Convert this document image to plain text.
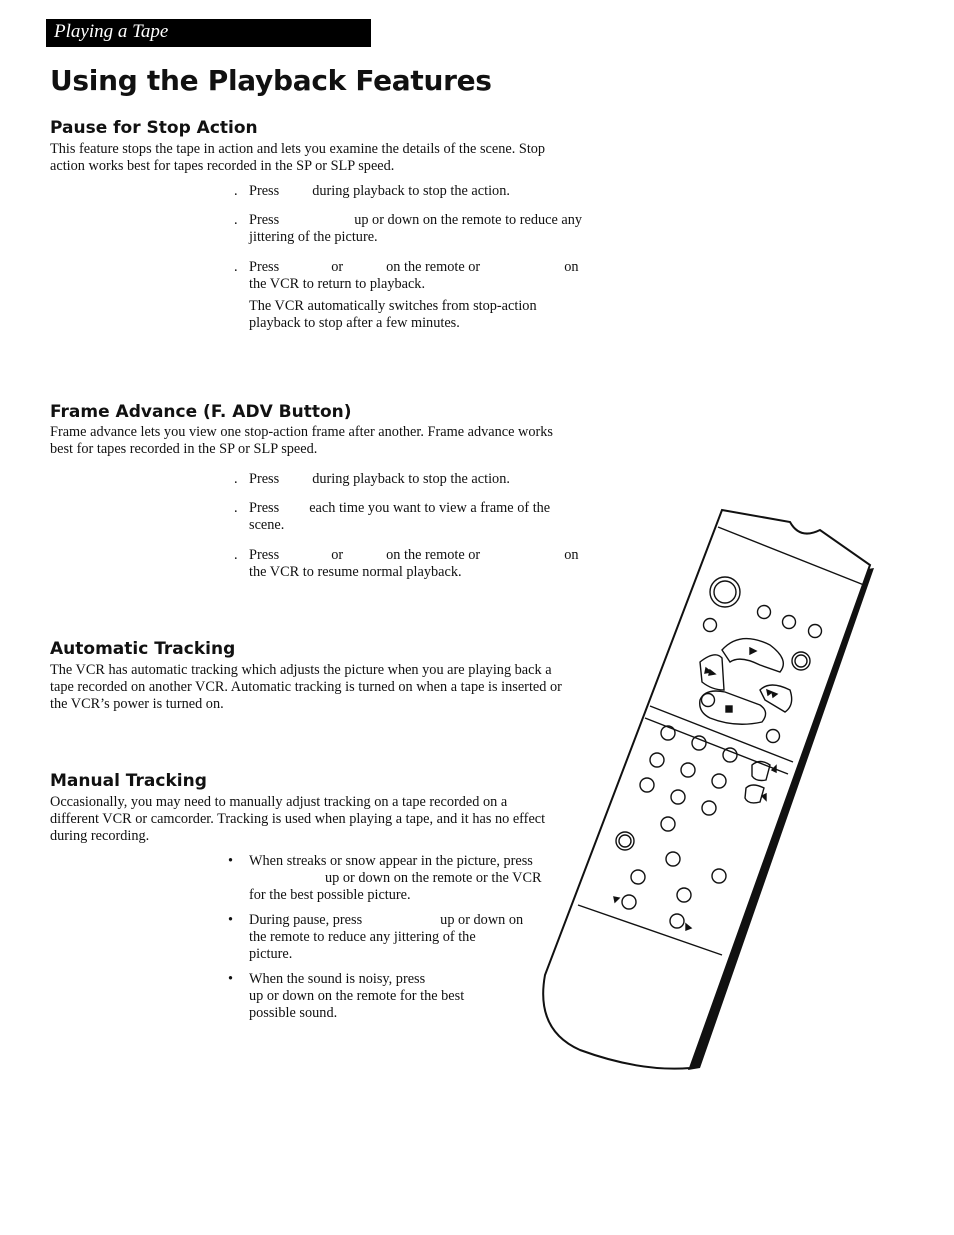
Playing a Tape
Using the Playback Features
Pause for Stop Action
This feature stops the tape in action and lets you examine the details of the scene. Stop
action works best for tapes recorded in the SP or SLP speed.
. Press during playback to stop the action.
. Press	up or down on the remote to reduce any
jittering of the picture.
. Press	or	on the remote or	on
the VCR to return to playback.
The VCR automatically switches from stop-action
playback to stop after a few minutes.
Frame Advance (F. ADV Button)
Frame advance lets you view one stop-action frame after another. Frame advance works
best for tapes recorded in the SP or SLP speed.
. Press during playback to stop the action.
. Press each time you want to view a frame of the
scene.
. Press	or	on the remote or	on
the VCR to resume normal playback.
Automatic Tracking
The VCR has automatic tracking which adjusts the picture when you are playing back a
tape recorded on another VCR. Automatic tracking is turned on when a tape is inserted or
the VCR’s power is turned on.
Manual Tracking
Occasionally, you may need to manually adjust tracking on a tape recorded on a
different VCR or camcorder. Tracking is used when playing a tape, and it has no effect
during recording.
• When streaks or snow appear in the picture, press
up or down on the remote or the VCR
for the best possible picture.
• During pause, press	up or down on
the remote to reduce any jittering of the
picture.
• When the sound is noisy, press
up or down on the remote for the best
possible sound.
